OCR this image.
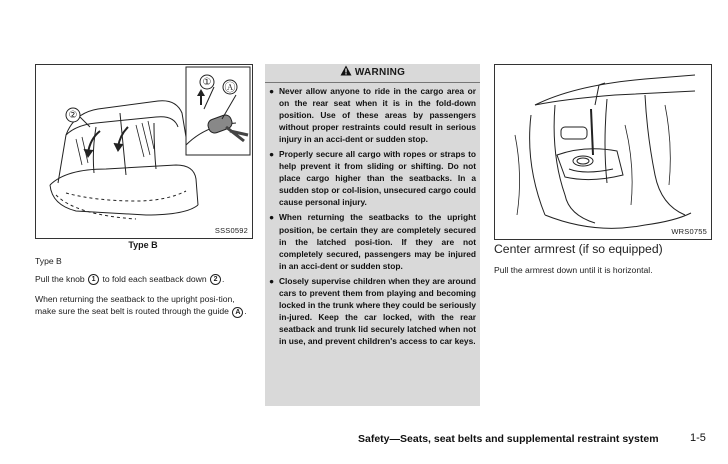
① Ⓐ
②
SSS0592
Type B
Type B
Pull the knob 1 to fold each seatback down 2 .
When returning the seatback to the upright posi-tion, make sure the seat belt is routed through the guide A .
WARNING
● Never allow anyone to ride in the cargo area or on the rear seat when it is in the fold-down position. Use of these areas by passengers without proper restraints could result in serious injury in an acci-dent or sudden stop.
● Properly secure all cargo with ropes or straps to help prevent it from sliding or shifting. Do not place cargo higher than the seatbacks. In a sudden stop or col-lision, unsecured cargo could cause personal injury.
● When returning the seatbacks to the upright position, be certain they are completely secured in the latched posi-tion. If they are not completely secured, passengers may be injured in an acci-dent or sudden stop.
● Closely supervise children when they are around cars to prevent them from playing and becoming locked in the trunk where they could be seriously in-jured. Keep the car locked, with the rear seatback and trunk lid securely latched when not in use, and prevent children's access to car keys.
WRS0755
Center armrest (if so equipped)
Pull the armrest down until it is horizontal.
Safety—Seats, seat belts and supplemental restraint system	1-5
